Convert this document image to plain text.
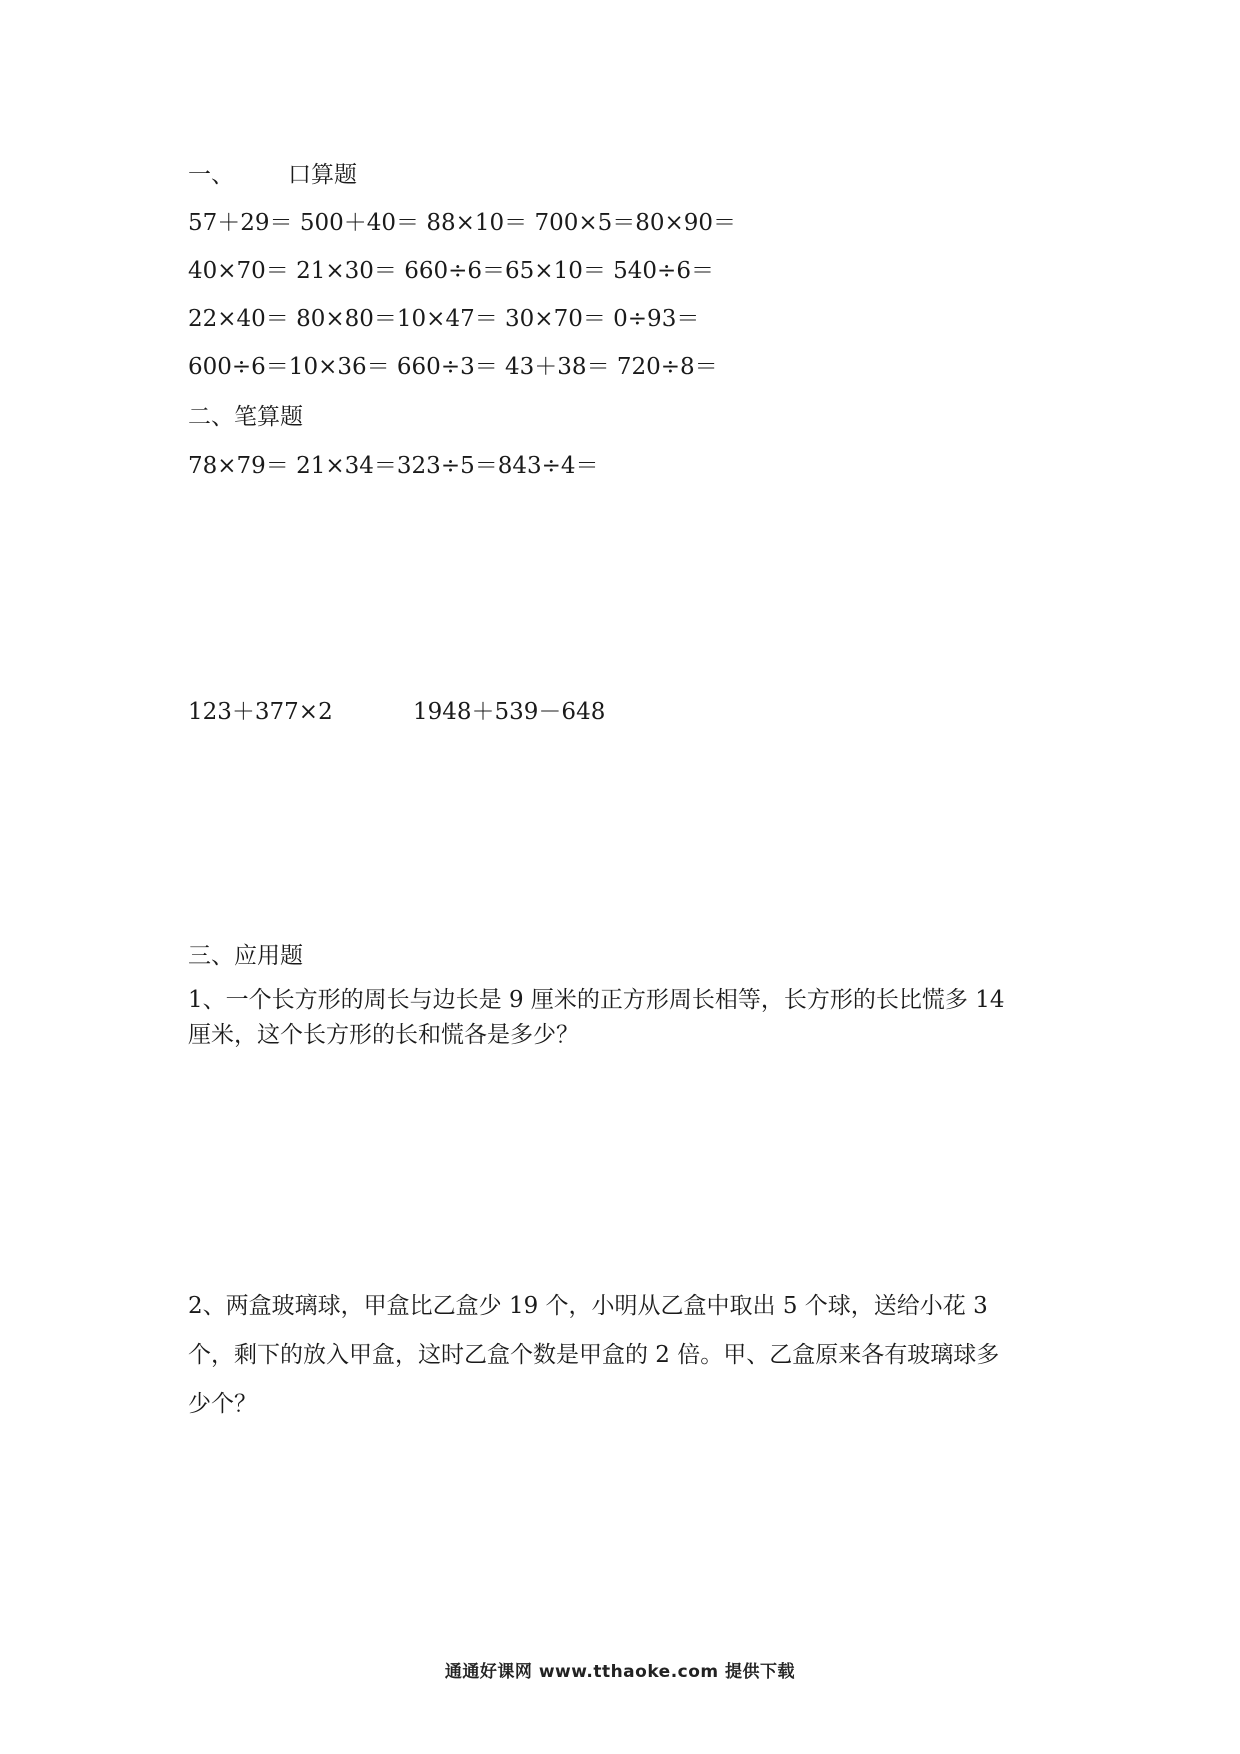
一、 口算题
57＋29＝ 500＋40＝ 88×10＝ 700×5＝80×90＝
40×70＝ 21×30＝ 660÷6＝65×10＝ 540÷6＝
22×40＝ 80×80＝10×47＝ 30×70＝ 0÷93＝
600÷6＝10×36＝ 660÷3＝ 43＋38＝ 720÷8＝
二、笔算题
78×79＝ 21×34＝323÷5＝843÷4＝
123＋377×2	1948＋539－648
三、应用题
1、一个长方形的周长与边长是 9 厘米的正方形周长相等，长方形的长比慌多 14
厘米，这个长方形的长和慌各是多少？
2、两盒玻璃球，甲盒比乙盒少 19 个，小明从乙盒中取出 5 个球，送给小花 3
个，剩下的放入甲盒，这时乙盒个数是甲盒的 2 倍。甲、乙盒原来各有玻璃球多
少个？
通通好课网 www.tthaoke.com 提供下载
